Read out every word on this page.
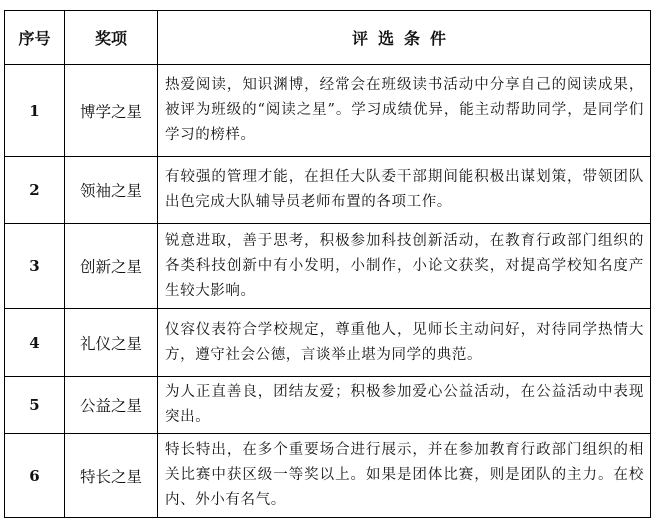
序号	奖项	评选条件
1	博学之星	热爱阅读，知识渊博，经常会在班级读书活动中分享自己的阅读成果，被评为班级的“阅读之星”。学习成绩优异，能主动帮助同学，是同学们学习的榜样。
2	领袖之星	有较强的管理才能，在担任大队委干部期间能积极出谋划策，带领团队出色完成大队辅导员老师布置的各项工作。
3	创新之星	锐意进取，善于思考，积极参加科技创新活动，在教育行政部门组织的各类科技创新中有小发明，小制作，小论文获奖，对提高学校知名度产生较大影响。
4	礼仪之星	仪容仪表符合学校规定，尊重他人，见师长主动问好，对待同学热情大方，遵守社会公德，言谈举止堪为同学的典范。
5	公益之星	为人正直善良，团结友爱；积极参加爱心公益活动，在公益活动中表现突出。
6	特长之星	特长特出，在多个重要场合进行展示，并在参加教育行政部门组织的相关比赛中获区级一等奖以上。如果是团体比赛，则是团队的主力。在校内、外小有名气。
